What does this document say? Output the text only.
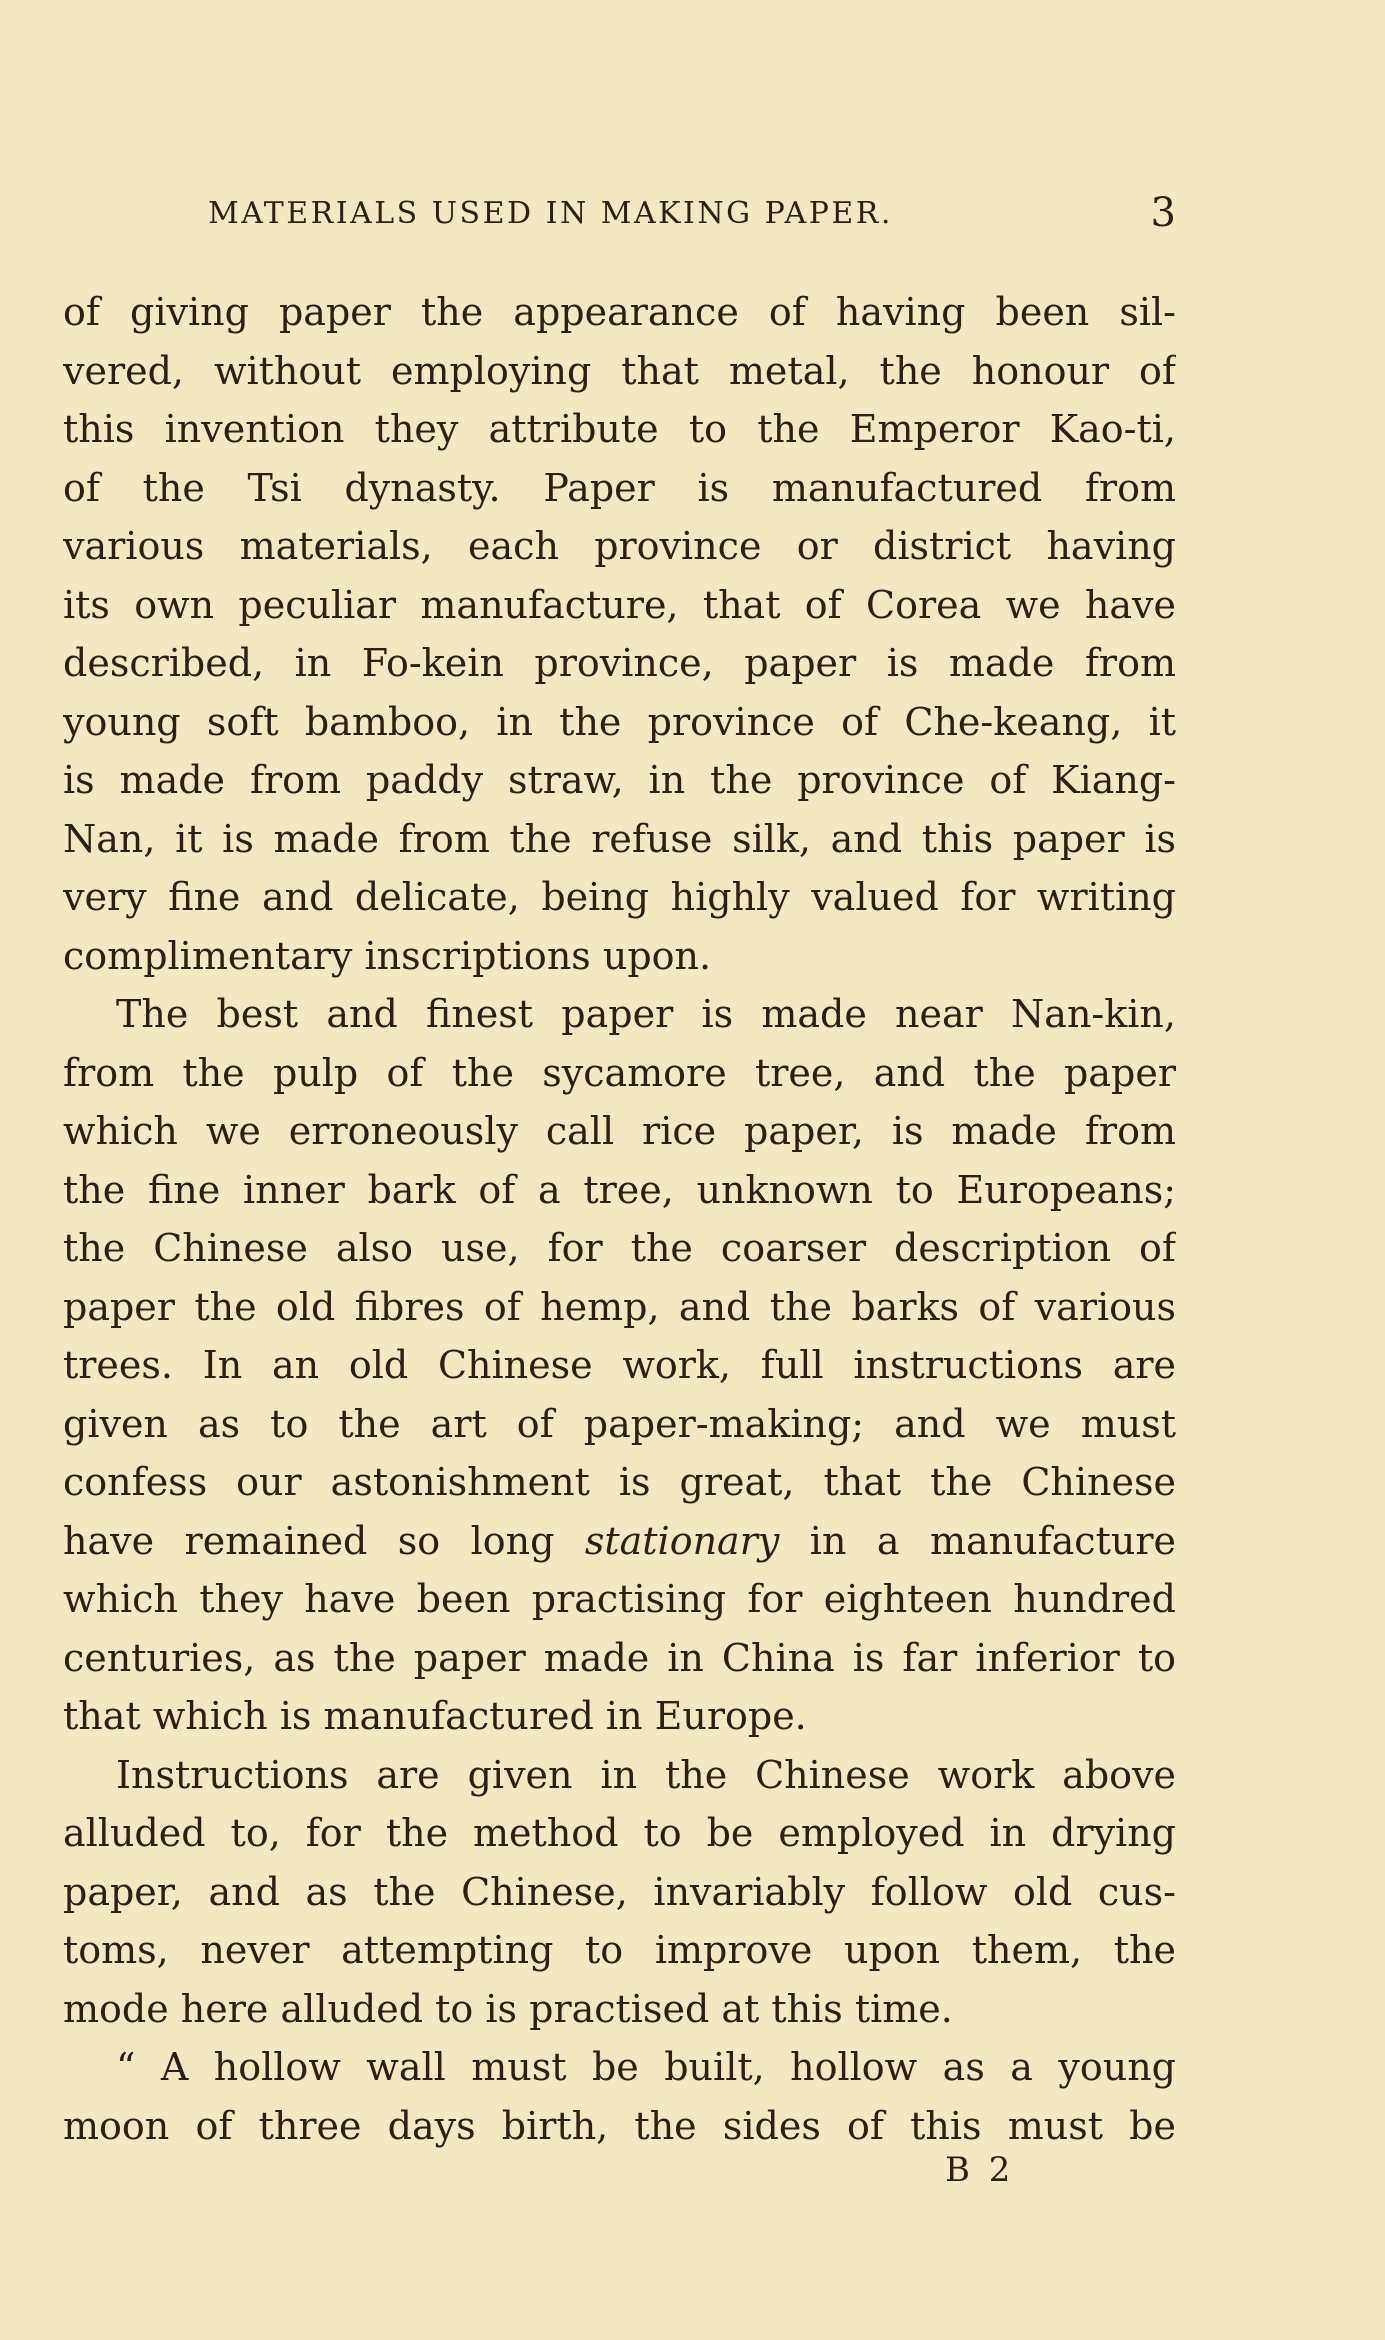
MATERIALS USED IN MAKING PAPER.	3
of giving paper the appearance of having been sil-
vered, without employing that metal, the honour of
this invention they attribute to the Emperor Kao-ti,
of the Tsi dynasty. Paper is manufactured from
various materials, each province or district having
its own peculiar manufacture, that of Corea we have
described, in Fo-kein province, paper is made from
young soft bamboo, in the province of Che-keang, it
is made from paddy straw, in the province of Kiang-
Nan, it is made from the refuse silk, and this paper is
very fine and delicate, being highly valued for writing
complimentary inscriptions upon.
The best and finest paper is made near Nan-kin,
from the pulp of the sycamore tree, and the paper
which we erroneously call rice paper, is made from
the fine inner bark of a tree, unknown to Europeans;
the Chinese also use, for the coarser description of
paper the old fibres of hemp, and the barks of various
trees. In an old Chinese work, full instructions are
given as to the art of paper-making; and we must
confess our astonishment is great, that the Chinese
have remained so long stationary in a manufacture
which they have been practising for eighteen hundred
centuries, as the paper made in China is far inferior to
that which is manufactured in Europe.
Instructions are given in the Chinese work above
alluded to, for the method to be employed in drying
paper, and as the Chinese, invariably follow old cus-
toms, never attempting to improve upon them, the
mode here alluded to is practised at this time.
“ A hollow wall must be built, hollow as a young
moon of three days birth, the sides of this must be
B 2
